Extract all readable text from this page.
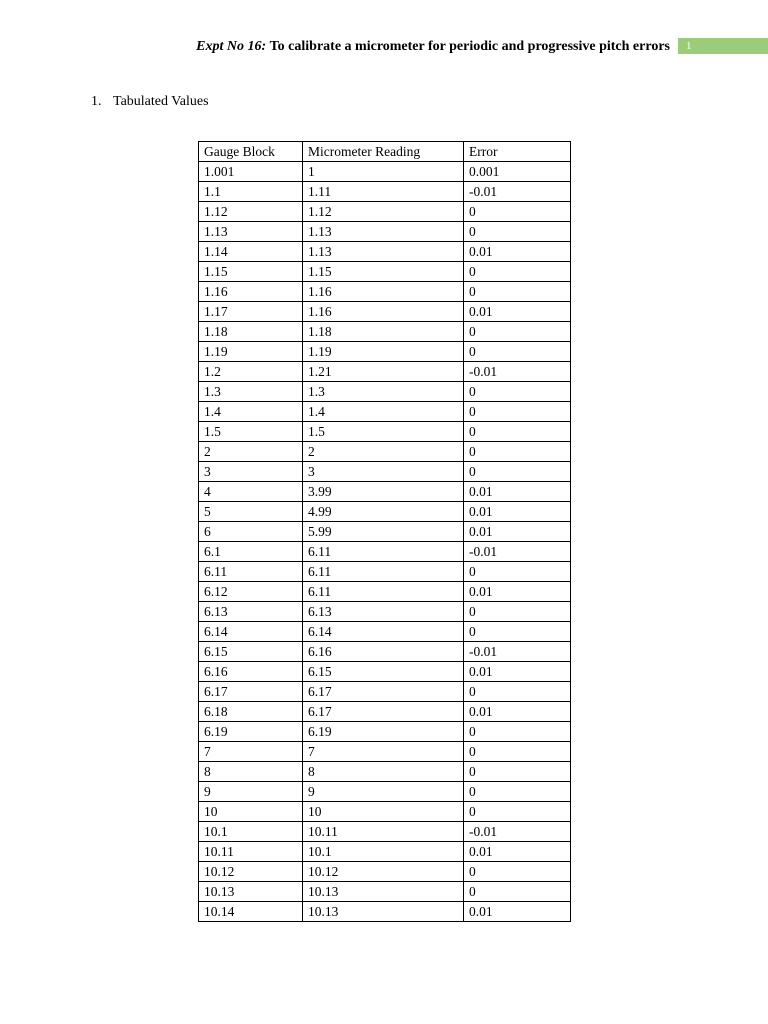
Expt No 16: To calibrate a micrometer for periodic and progressive pitch errors	1
1. Tabulated Values
Gauge Block	Micrometer Reading	Error
1.001	1	0.001
1.1	1.11	-0.01
1.12	1.12	0
1.13	1.13	0
1.14	1.13	0.01
1.15	1.15	0
1.16	1.16	0
1.17	1.16	0.01
1.18	1.18	0
1.19	1.19	0
1.2	1.21	-0.01
1.3	1.3	0
1.4	1.4	0
1.5	1.5	0
2	2	0
3	3	0
4	3.99	0.01
5	4.99	0.01
6	5.99	0.01
6.1	6.11	-0.01
6.11	6.11	0
6.12	6.11	0.01
6.13	6.13	0
6.14	6.14	0
6.15	6.16	-0.01
6.16	6.15	0.01
6.17	6.17	0
6.18	6.17	0.01
6.19	6.19	0
7	7	0
8	8	0
9	9	0
10	10	0
10.1	10.11	-0.01
10.11	10.1	0.01
10.12	10.12	0
10.13	10.13	0
10.14	10.13	0.01
